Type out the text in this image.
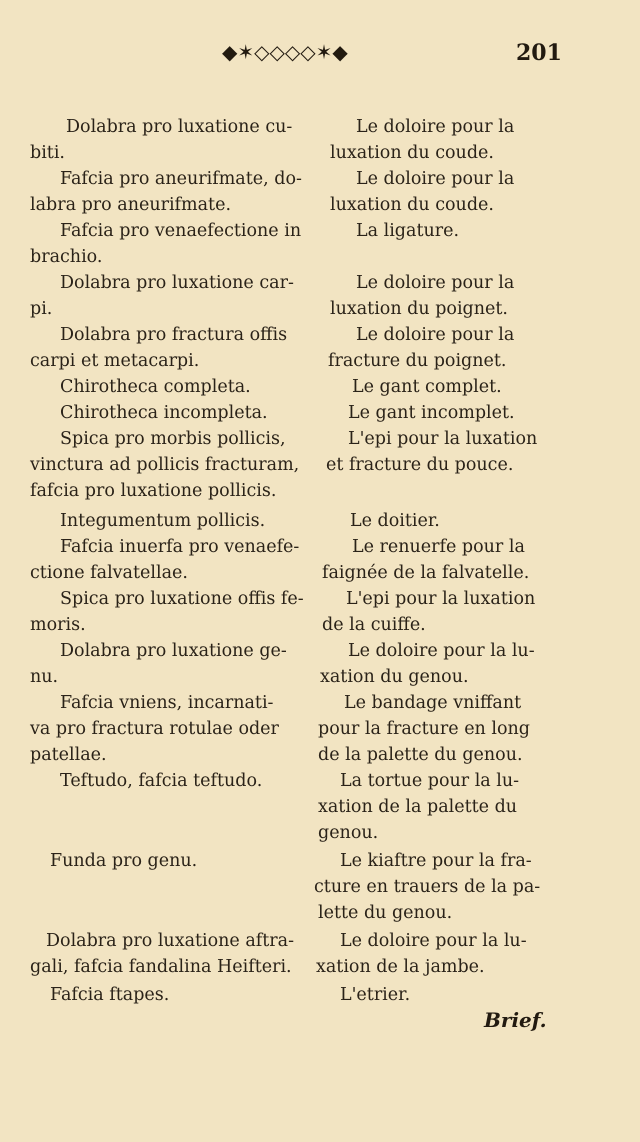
◆✶◇◇◇◇✶◆	201
Dolabra pro luxatione cu-
biti.
Fafcia pro aneurifmate, do-
labra pro aneurifmate.
Fafcia pro venaefectione in
brachio.
Dolabra pro luxatione car-
pi.
Dolabra pro fractura offis
carpi et metacarpi.
Chirotheca completa.
Chirotheca incompleta.
Spica pro morbis pollicis,
vinctura ad pollicis fracturam,
fafcia pro luxatione pollicis.
Integumentum pollicis.
Fafcia inuerfa pro venaefe-
ctione falvatellae.
Spica pro luxatione offis fe-
moris.
Dolabra pro luxatione ge-
nu.
Fafcia vniens, incarnati-
va pro fractura rotulae oder
patellae.
Teftudo, fafcia teftudo.
Funda pro genu.
Dolabra pro luxatione aftra-
gali, fafcia fandalina Heifteri.
Fafcia ftapes.
Le doloire pour la
luxation du coude.
Le doloire pour la
luxation du coude.
La ligature.
Le doloire pour la
luxation du poignet.
Le doloire pour la
fracture du poignet.
Le gant complet.
Le gant incomplet.
L'epi pour la luxation
et fracture du pouce.
Le doitier.
Le renuerfe pour la
faignée de la falvatelle.
L'epi pour la luxation
de la cuiffe.
Le doloire pour la lu-
xation du genou.
Le bandage vniffant
pour la fracture en long
de la palette du genou.
La tortue pour la lu-
xation de la palette du
genou.
Le kiaftre pour la fra-
cture en trauers de la pa-
lette du genou.
Le doloire pour la lu-
xation de la jambe.
L'etrier.
Brief.
